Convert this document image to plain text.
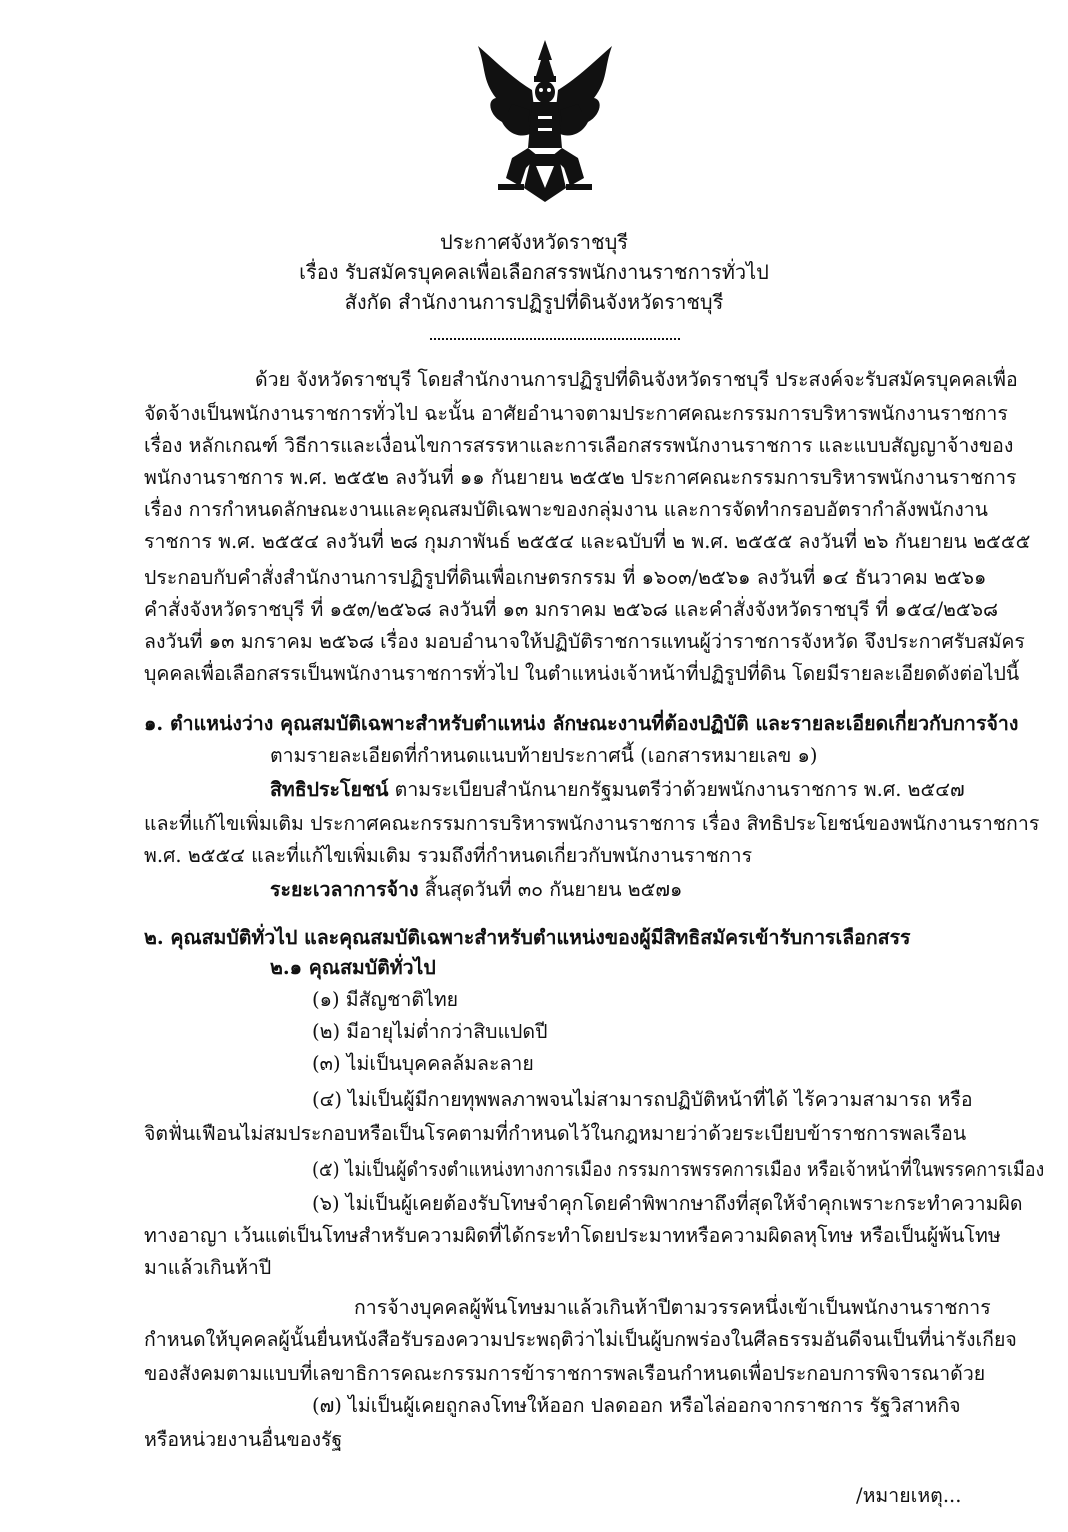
ประกาศจังหวัดราชบุรี
เรื่อง รับสมัครบุคคลเพื่อเลือกสรรพนักงานราชการทั่วไป
สังกัด สำนักงานการปฏิรูปที่ดินจังหวัดราชบุรี
ด้วย จังหวัดราชบุรี โดยสำนักงานการปฏิรูปที่ดินจังหวัดราชบุรี ประสงค์จะรับสมัครบุคคลเพื่อ
จัดจ้างเป็นพนักงานราชการทั่วไป ฉะนั้น อาศัยอำนาจตามประกาศคณะกรรมการบริหารพนักงานราชการ
เรื่อง หลักเกณฑ์ วิธีการและเงื่อนไขการสรรหาและการเลือกสรรพนักงานราชการ และแบบสัญญาจ้างของ
พนักงานราชการ พ.ศ. ๒๕๕๒ ลงวันที่ ๑๑ กันยายน ๒๕๕๒ ประกาศคณะกรรมการบริหารพนักงานราชการ
เรื่อง การกำหนดลักษณะงานและคุณสมบัติเฉพาะของกลุ่มงาน และการจัดทำกรอบอัตรากำลังพนักงาน
ราชการ พ.ศ. ๒๕๕๔ ลงวันที่ ๒๘ กุมภาพันธ์ ๒๕๕๔ และฉบับที่ ๒ พ.ศ. ๒๕๕๕ ลงวันที่ ๒๖ กันยายน ๒๕๕๕
ประกอบกับคำสั่งสำนักงานการปฏิรูปที่ดินเพื่อเกษตรกรรม ที่ ๑๖๐๓/๒๕๖๑ ลงวันที่ ๑๔ ธันวาคม ๒๕๖๑
คำสั่งจังหวัดราชบุรี ที่ ๑๕๓/๒๕๖๘ ลงวันที่ ๑๓ มกราคม ๒๕๖๘ และคำสั่งจังหวัดราชบุรี ที่ ๑๕๔/๒๕๖๘
ลงวันที่ ๑๓ มกราคม ๒๕๖๘ เรื่อง มอบอำนาจให้ปฏิบัติราชการแทนผู้ว่าราชการจังหวัด จึงประกาศรับสมัคร
บุคคลเพื่อเลือกสรรเป็นพนักงานราชการทั่วไป ในตำแหน่งเจ้าหน้าที่ปฏิรูปที่ดิน โดยมีรายละเอียดดังต่อไปนี้
๑. ตำแหน่งว่าง คุณสมบัติเฉพาะสำหรับตำแหน่ง ลักษณะงานที่ต้องปฏิบัติ และรายละเอียดเกี่ยวกับการจ้าง
ตามรายละเอียดที่กำหนดแนบท้ายประกาศนี้ (เอกสารหมายเลข ๑)
สิทธิประโยชน์ ตามระเบียบสำนักนายกรัฐมนตรีว่าด้วยพนักงานราชการ พ.ศ. ๒๕๔๗
และที่แก้ไขเพิ่มเติม ประกาศคณะกรรมการบริหารพนักงานราชการ เรื่อง สิทธิประโยชน์ของพนักงานราชการ
พ.ศ. ๒๕๕๔ และที่แก้ไขเพิ่มเติม รวมถึงที่กำหนดเกี่ยวกับพนักงานราชการ
ระยะเวลาการจ้าง สิ้นสุดวันที่ ๓๐ กันยายน ๒๕๗๑
๒. คุณสมบัติทั่วไป และคุณสมบัติเฉพาะสำหรับตำแหน่งของผู้มีสิทธิสมัครเข้ารับการเลือกสรร
๒.๑ คุณสมบัติทั่วไป
(๑) มีสัญชาติไทย
(๒) มีอายุไม่ต่ำกว่าสิบแปดปี
(๓) ไม่เป็นบุคคลล้มละลาย
(๔) ไม่เป็นผู้มีกายทุพพลภาพจนไม่สามารถปฏิบัติหน้าที่ได้ ไร้ความสามารถ หรือ
จิตฟั่นเฟือนไม่สมประกอบหรือเป็นโรคตามที่กำหนดไว้ในกฎหมายว่าด้วยระเบียบข้าราชการพลเรือน
(๕) ไม่เป็นผู้ดำรงตำแหน่งทางการเมือง กรรมการพรรคการเมือง หรือเจ้าหน้าที่ในพรรคการเมือง
(๖) ไม่เป็นผู้เคยต้องรับโทษจำคุกโดยคำพิพากษาถึงที่สุดให้จำคุกเพราะกระทำความผิด
ทางอาญา เว้นแต่เป็นโทษสำหรับความผิดที่ได้กระทำโดยประมาทหรือความผิดลหุโทษ หรือเป็นผู้พ้นโทษ
มาแล้วเกินห้าปี
การจ้างบุคคลผู้พ้นโทษมาแล้วเกินห้าปีตามวรรคหนึ่งเข้าเป็นพนักงานราชการ
กำหนดให้บุคคลผู้นั้นยื่นหนังสือรับรองความประพฤติว่าไม่เป็นผู้บกพร่องในศีลธรรมอันดีจนเป็นที่น่ารังเกียจ
ของสังคมตามแบบที่เลขาธิการคณะกรรมการข้าราชการพลเรือนกำหนดเพื่อประกอบการพิจารณาด้วย
(๗) ไม่เป็นผู้เคยถูกลงโทษให้ออก ปลดออก หรือไล่ออกจากราชการ รัฐวิสาหกิจ
หรือหน่วยงานอื่นของรัฐ
/หมายเหตุ...
